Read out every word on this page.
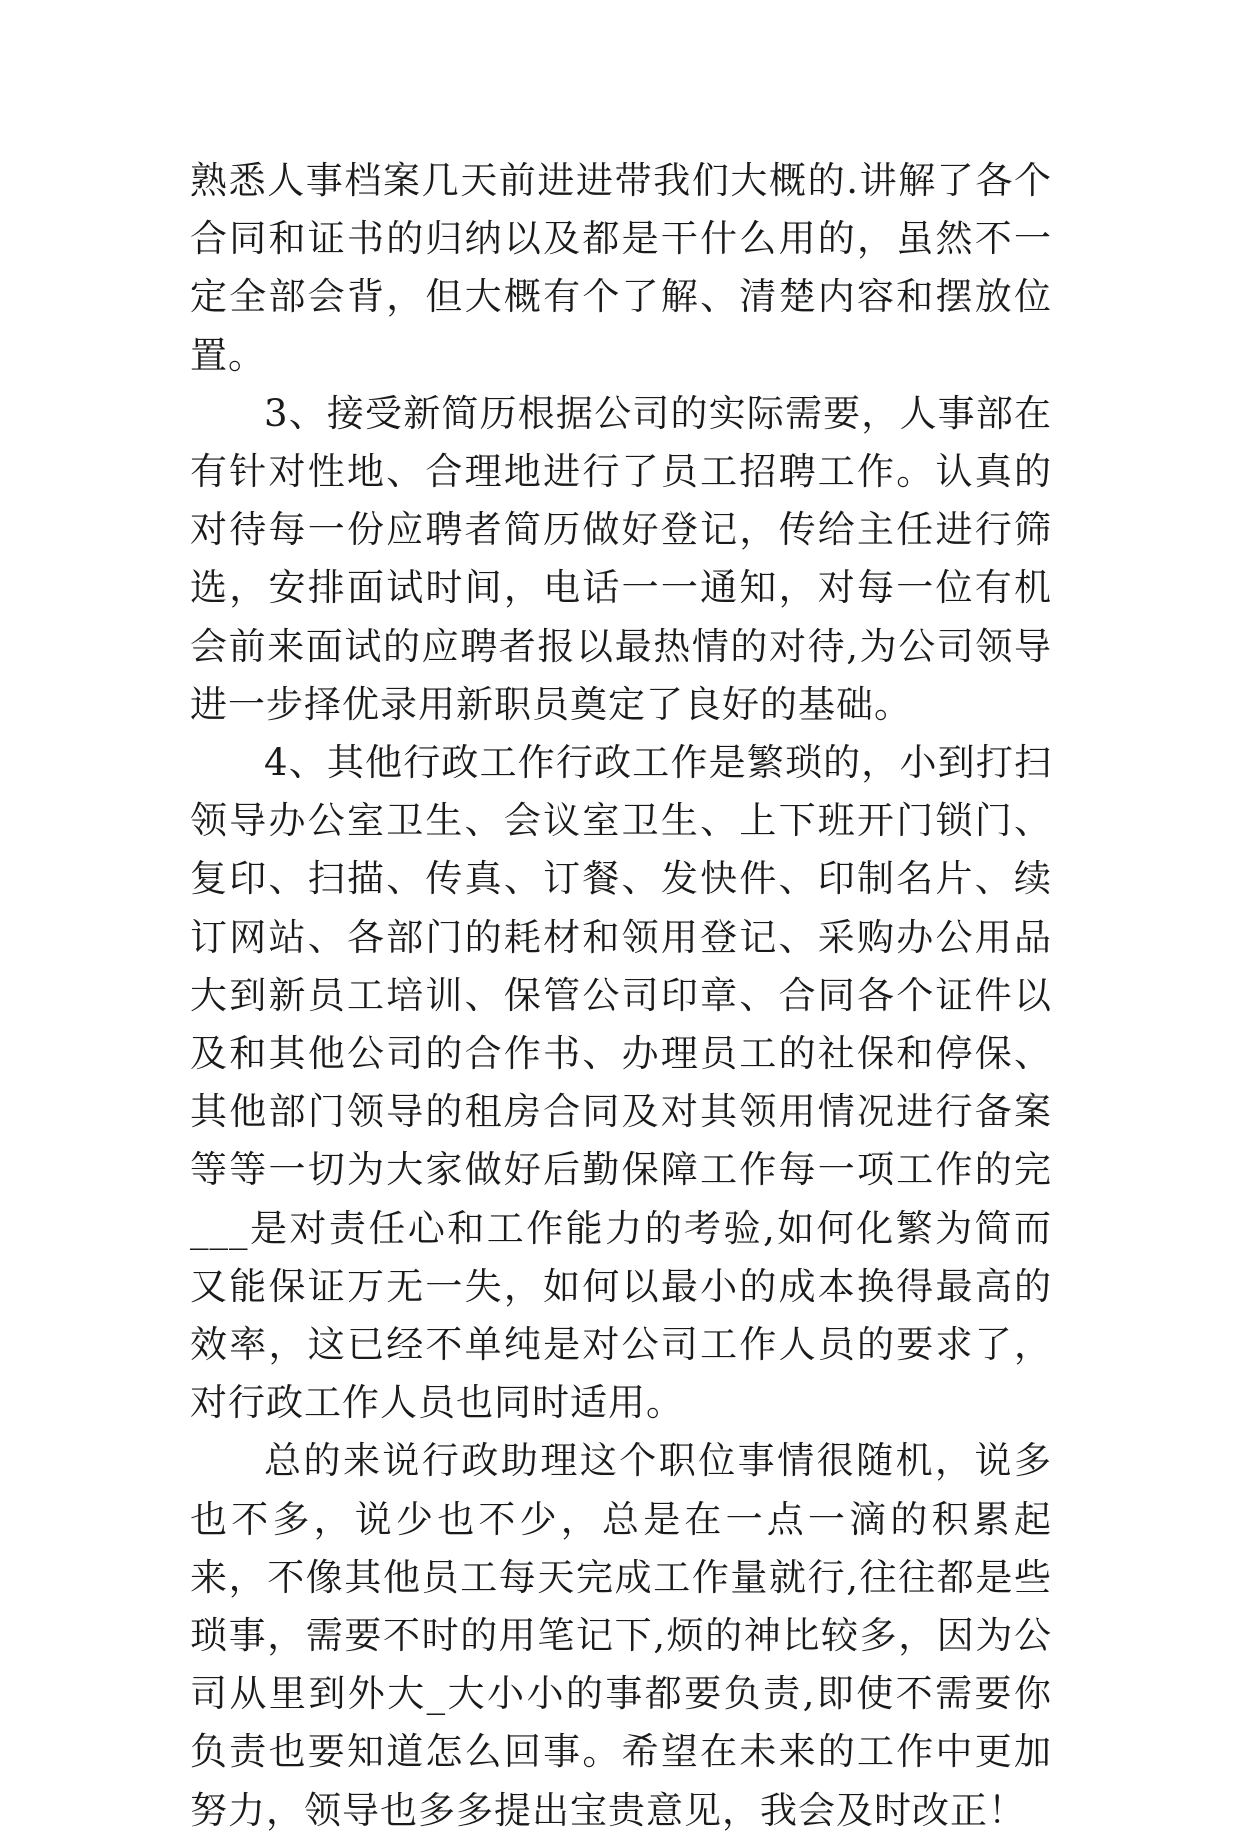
熟悉人事档案几天前进进带我们大概的.讲解了各个合同和证书的归纳以及都是干什么用的，虽然不一定全部会背，但大概有个了解、清楚内容和摆放位置。

3、接受新简历根据公司的实际需要，人事部在有针对性地、合理地进行了员工招聘工作。认真的对待每一份应聘者简历做好登记，传给主任进行筛选，安排面试时间，电话一一通知，对每一位有机会前来面试的应聘者报以最热情的对待,为公司领导进一步择优录用新职员奠定了良好的基础。

4、其他行政工作行政工作是繁琐的，小到打扫领导办公室卫生、会议室卫生、上下班开门锁门、复印、扫描、传真、订餐、发快件、印制名片、续订网站、各部门的耗材和领用登记、采购办公用品大到新员工培训、保管公司印章、合同各个证件以及和其他公司的合作书、办理员工的社保和停保、其他部门领导的租房合同及对其领用情况进行备案等等一切为大家做好后勤保障工作每一项工作的完___是对责任心和工作能力的考验,如何化繁为简而又能保证万无一失，如何以最小的成本换得最高的效率，这已经不单纯是对公司工作人员的要求了，对行政工作人员也同时适用。

总的来说行政助理这个职位事情很随机，说多也不多，说少也不少，总是在一点一滴的积累起来，不像其他员工每天完成工作量就行,往往都是些琐事，需要不时的用笔记下,烦的神比较多，因为公司从里到外大_大小小的事都要负责,即使不需要你负责也要知道怎么回事。希望在未来的工作中更加努力，领导也多多提出宝贵意见，我会及时改正！
